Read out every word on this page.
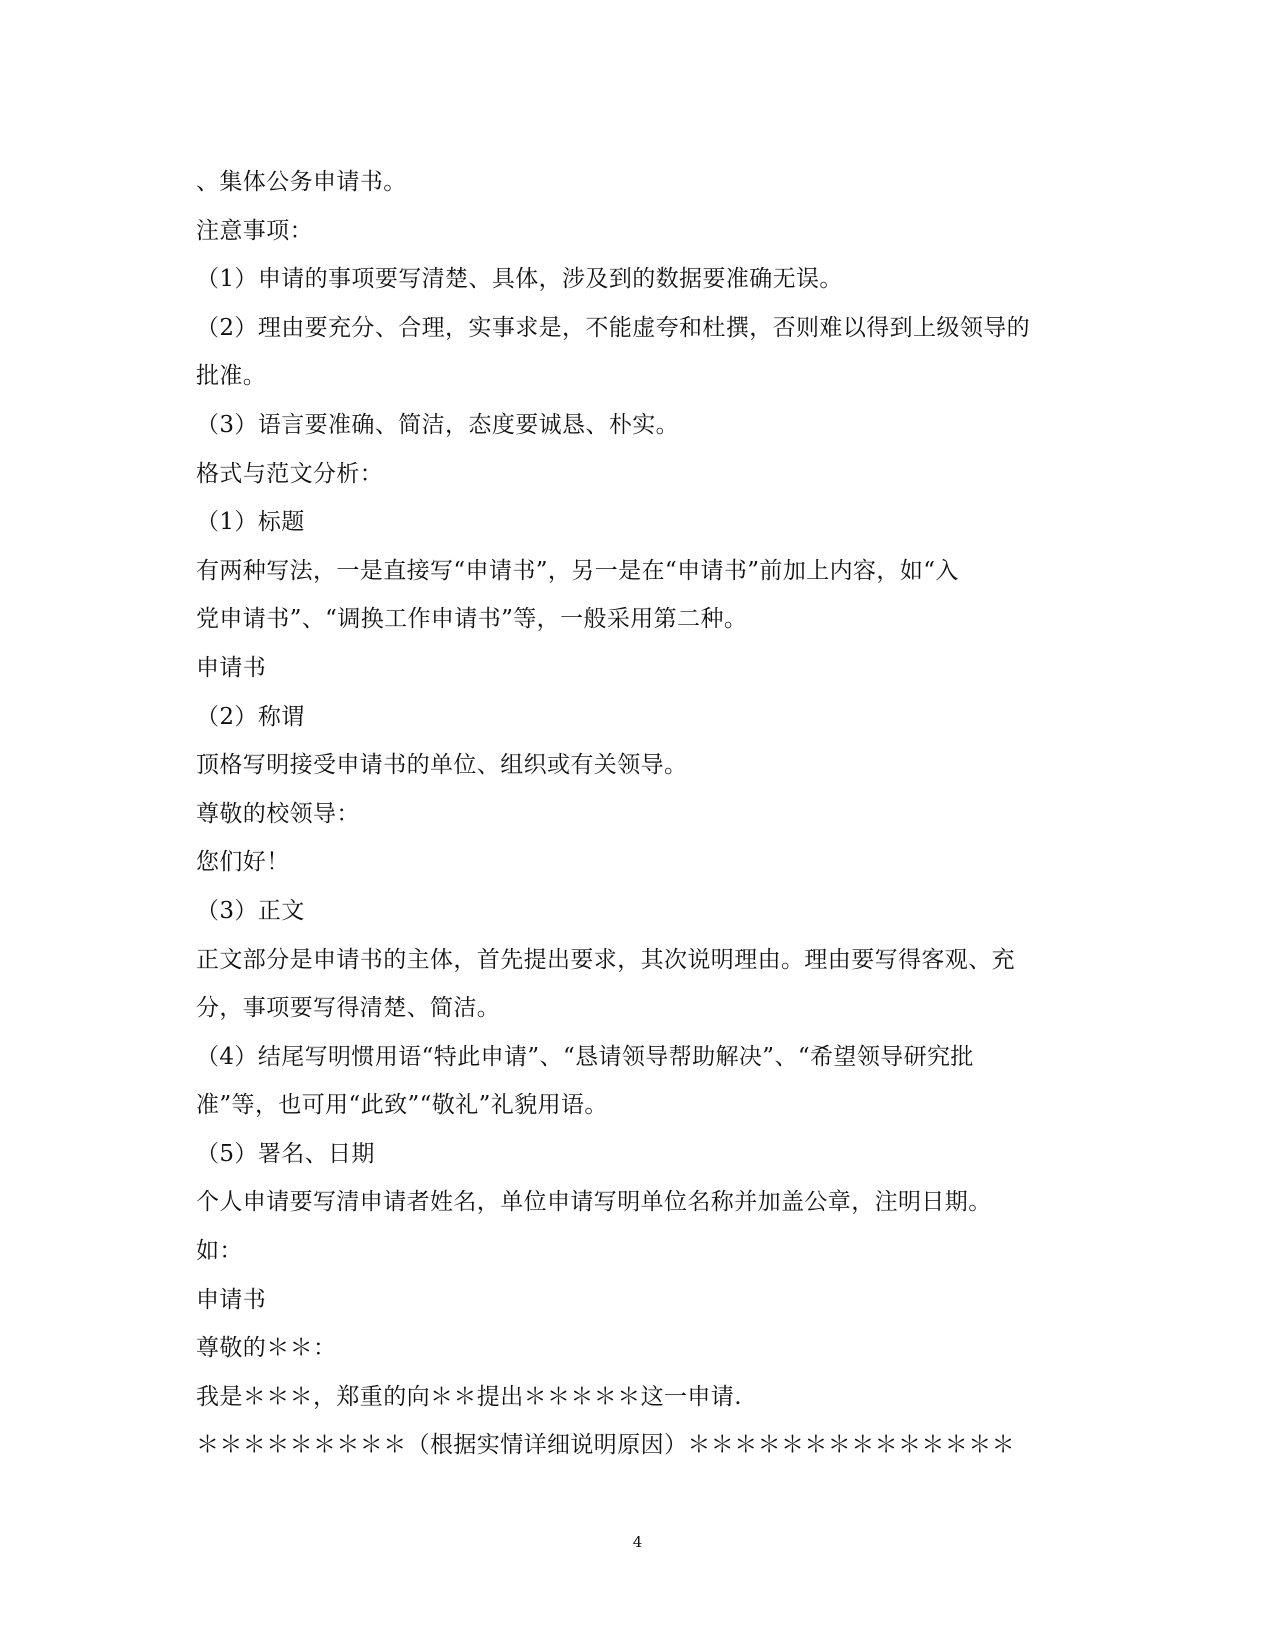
、集体公务申请书。
注意事项：
（1）申请的事项要写清楚、具体，涉及到的数据要准确无误。
（2）理由要充分、合理，实事求是，不能虚夸和杜撰，否则难以得到上级领导的
批准。
（3）语言要准确、简洁，态度要诚恳、朴实。
格式与范文分析：
（1）标题
有两种写法，一是直接写“申请书”，另一是在“申请书”前加上内容，如“入
党申请书”、“调换工作申请书”等，一般采用第二种。
申请书
（2）称谓
顶格写明接受申请书的单位、组织或有关领导。
尊敬的校领导：
您们好！
（3）正文
正文部分是申请书的主体，首先提出要求，其次说明理由。理由要写得客观、充
分，事项要写得清楚、简洁。
（4）结尾写明惯用语“特此申请”、“恳请领导帮助解决”、“希望领导研究批
准”等，也可用“此致”“敬礼”礼貌用语。
（5）署名、日期
个人申请要写清申请者姓名，单位申请写明单位名称并加盖公章，注明日期。
如：
申请书
尊敬的＊＊：
我是＊＊＊，郑重的向＊＊提出＊＊＊＊＊这一申请.
＊＊＊＊＊＊＊＊＊（根据实情详细说明原因）＊＊＊＊＊＊＊＊＊＊＊＊＊＊
4
